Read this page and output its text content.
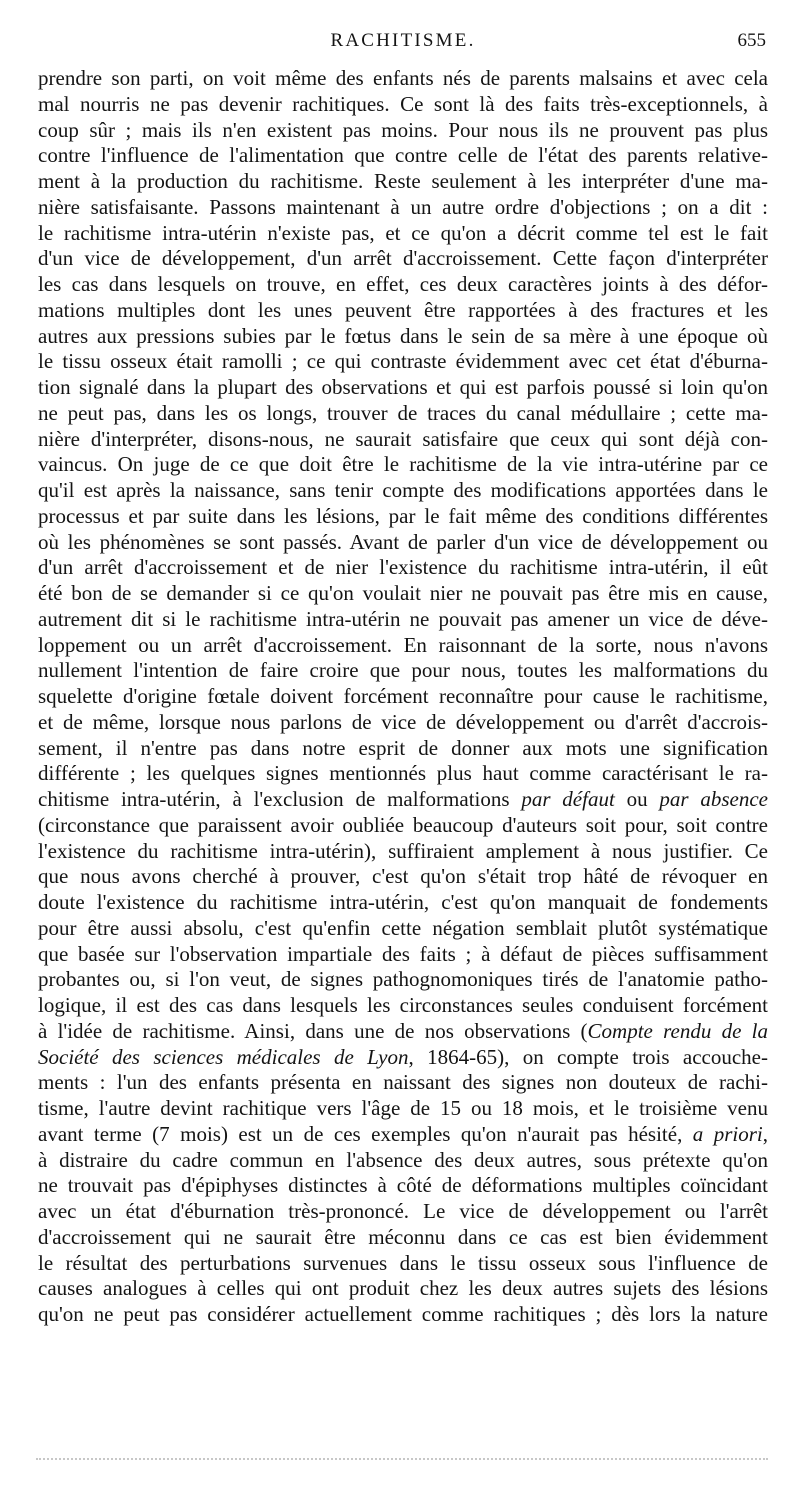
RACHITISME.	655
prendre son parti, on voit même des enfants nés de parents malsains et avec cela
mal nourris ne pas devenir rachitiques. Ce sont là des faits très-exceptionnels, à
coup sûr ; mais ils n'en existent pas moins. Pour nous ils ne prouvent pas plus
contre l'influence de l'alimentation que contre celle de l'état des parents relative-
ment à la production du rachitisme. Reste seulement à les interpréter d'une ma-
nière satisfaisante. Passons maintenant à un autre ordre d'objections ; on a dit :
le rachitisme intra-utérin n'existe pas, et ce qu'on a décrit comme tel est le fait
d'un vice de développement, d'un arrêt d'accroissement. Cette façon d'interpréter
les cas dans lesquels on trouve, en effet, ces deux caractères joints à des défor-
mations multiples dont les unes peuvent être rapportées à des fractures et les
autres aux pressions subies par le fœtus dans le sein de sa mère à une époque où
le tissu osseux était ramolli ; ce qui contraste évidemment avec cet état d'éburna-
tion signalé dans la plupart des observations et qui est parfois poussé si loin qu'on
ne peut pas, dans les os longs, trouver de traces du canal médullaire ; cette ma-
nière d'interpréter, disons-nous, ne saurait satisfaire que ceux qui sont déjà con-
vaincus. On juge de ce que doit être le rachitisme de la vie intra-utérine par ce
qu'il est après la naissance, sans tenir compte des modifications apportées dans le
processus et par suite dans les lésions, par le fait même des conditions différentes
où les phénomènes se sont passés. Avant de parler d'un vice de développement ou
d'un arrêt d'accroissement et de nier l'existence du rachitisme intra-utérin, il eût
été bon de se demander si ce qu'on voulait nier ne pouvait pas être mis en cause,
autrement dit si le rachitisme intra-utérin ne pouvait pas amener un vice de déve-
loppement ou un arrêt d'accroissement. En raisonnant de la sorte, nous n'avons
nullement l'intention de faire croire que pour nous, toutes les malformations du
squelette d'origine fœtale doivent forcément reconnaître pour cause le rachitisme,
et de même, lorsque nous parlons de vice de développement ou d'arrêt d'accrois-
sement, il n'entre pas dans notre esprit de donner aux mots une signification
différente ; les quelques signes mentionnés plus haut comme caractérisant le ra-
chitisme intra-utérin, à l'exclusion de malformations par défaut ou par absence
(circonstance que paraissent avoir oubliée beaucoup d'auteurs soit pour, soit contre
l'existence du rachitisme intra-utérin), suffiraient amplement à nous justifier. Ce
que nous avons cherché à prouver, c'est qu'on s'était trop hâté de révoquer en
doute l'existence du rachitisme intra-utérin, c'est qu'on manquait de fondements
pour être aussi absolu, c'est qu'enfin cette négation semblait plutôt systématique
que basée sur l'observation impartiale des faits ; à défaut de pièces suffisamment
probantes ou, si l'on veut, de signes pathognomoniques tirés de l'anatomie patho-
logique, il est des cas dans lesquels les circonstances seules conduisent forcément
à l'idée de rachitisme. Ainsi, dans une de nos observations (Compte rendu de la
Société des sciences médicales de Lyon, 1864-65), on compte trois accouche-
ments : l'un des enfants présenta en naissant des signes non douteux de rachi-
tisme, l'autre devint rachitique vers l'âge de 15 ou 18 mois, et le troisième venu
avant terme (7 mois) est un de ces exemples qu'on n'aurait pas hésité, a priori,
à distraire du cadre commun en l'absence des deux autres, sous prétexte qu'on
ne trouvait pas d'épiphyses distinctes à côté de déformations multiples coïncidant
avec un état d'éburnation très-prononcé. Le vice de développement ou l'arrêt
d'accroissement qui ne saurait être méconnu dans ce cas est bien évidemment
le résultat des perturbations survenues dans le tissu osseux sous l'influence de
causes analogues à celles qui ont produit chez les deux autres sujets des lésions
qu'on ne peut pas considérer actuellement comme rachitiques ; dès lors la nature
